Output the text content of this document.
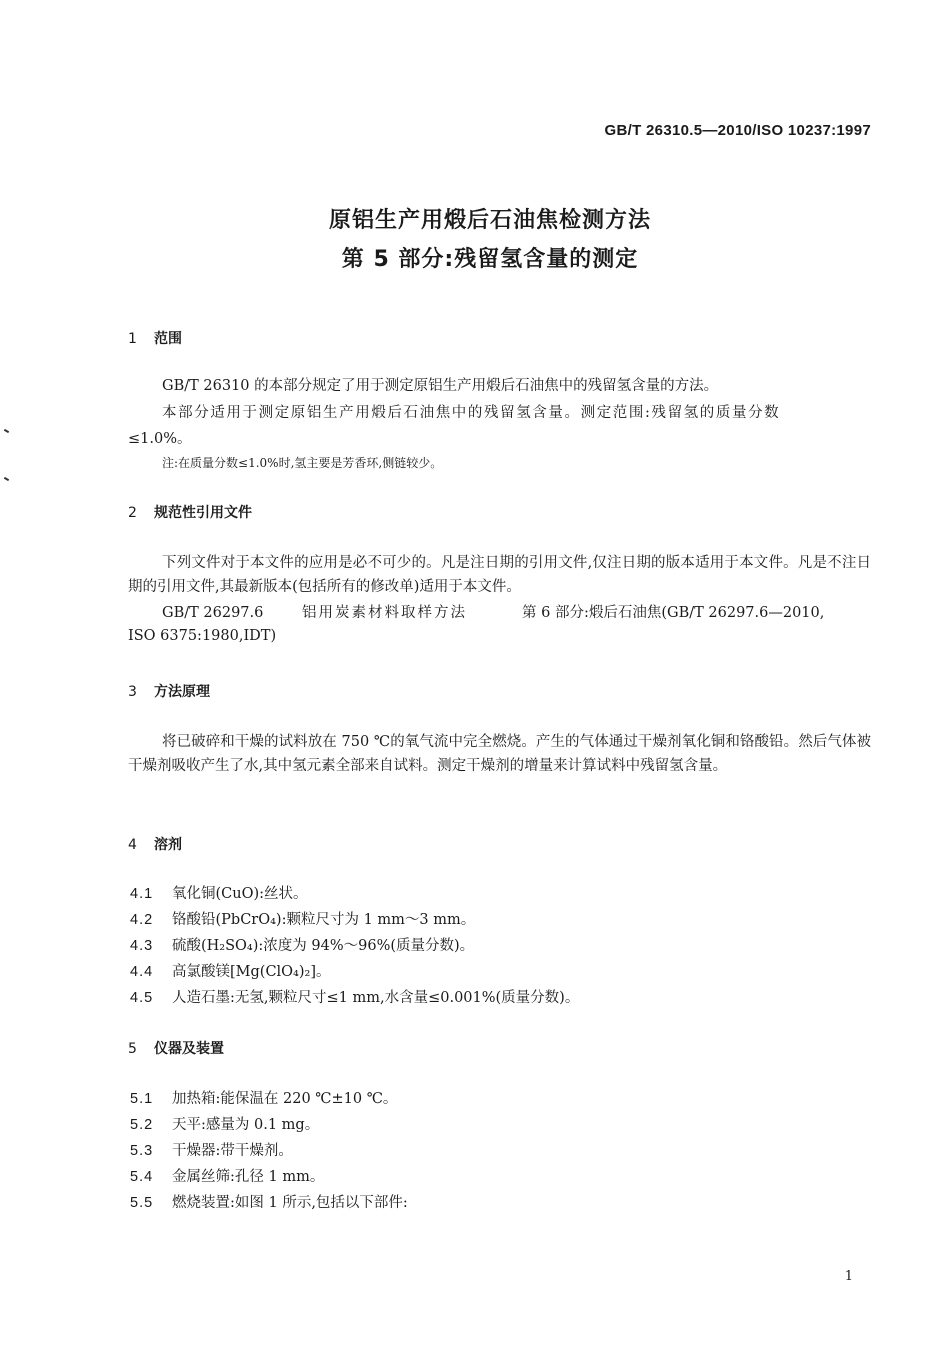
GB/T 26310.5—2010/ISO 10237:1997
原铝生产用煅后石油焦检测方法
第 5 部分:残留氢含量的测定
1 范围

GB/T 26310 的本部分规定了用于测定原铝生产用煅后石油焦中的残留氢含量的方法。

本部分适用于测定原铝生产用煅后石油焦中的残留氢含量。测定范围:残留氢的质量分数

≤1.0%。

注:在质量分数≤1.0%时,氢主要是芳香环,侧链较少。

2 规范性引用文件

下列文件对于本文件的应用是必不可少的。凡是注日期的引用文件,仅注日期的版本适用于本文件。凡是不注日期的引用文件,其最新版本(包括所有的修改单)适用于本文件。

GB/T 26297.6	铝用炭素材料取样方法	第 6 部分:煅后石油焦(GB/T 26297.6—2010,

ISO 6375:1980,IDT)

3 方法原理

将已破碎和干燥的试料放在 750 ℃的氧气流中完全燃烧。产生的气体通过干燥剂氧化铜和铬酸铅。然后气体被干燥剂吸收产生了水,其中氢元素全部来自试料。测定干燥剂的增量来计算试料中残留氢含量。

4 溶剂
4.1 氧化铜(CuO):丝状。
4.2 铬酸铅(PbCrO₄):颗粒尺寸为 1 mm～3 mm。
4.3 硫酸(H₂SO₄):浓度为 94%～96%(质量分数)。
4.4 高氯酸镁[Mg(ClO₄)₂]。
4.5 人造石墨:无氢,颗粒尺寸≤1 mm,水含量≤0.001%(质量分数)。
5 仪器及装置
5.1 加热箱:能保温在 220 ℃±10 ℃。
5.2 天平:感量为 0.1 mg。
5.3 干燥器:带干燥剂。
5.4 金属丝筛:孔径 1 mm。
5.5 燃烧装置:如图 1 所示,包括以下部件:
1
